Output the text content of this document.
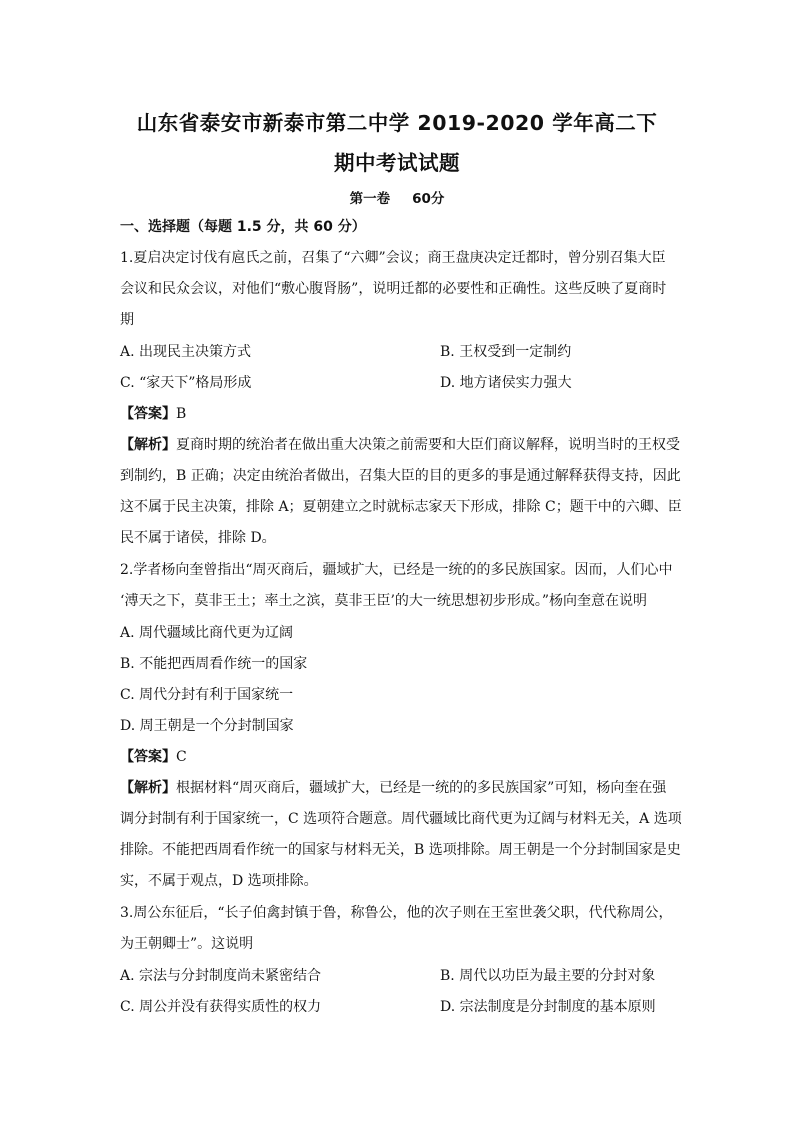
山东省泰安市新泰市第二中学 2019-2020 学年高二下
期中考试试题
第一卷 60分
一、选择题（每题 1.5 分，共 60 分）
1.夏启决定讨伐有扈氏之前，召集了“六卿”会议；商王盘庚决定迁都时，曾分别召集大臣
会议和民众会议，对他们“敷心腹肾肠”，说明迁都的必要性和正确性。这些反映了夏商时
期
A. 出现民主决策方式	B. 王权受到一定制约
C. “家天下”格局形成	D. 地方诸侯实力强大
【答案】B
【解析】夏商时期的统治者在做出重大决策之前需要和大臣们商议解释，说明当时的王权受
到制约，B 正确；决定由统治者做出，召集大臣的目的更多的事是通过解释获得支持，因此
这不属于民主决策，排除 A；夏朝建立之时就标志家天下形成，排除 C；题干中的六卿、臣
民不属于诸侯，排除 D。
2.学者杨向奎曾指出“周灭商后，疆域扩大，已经是一统的的多民族国家。因而，人们心中
‘溥天之下，莫非王土；率土之滨，莫非王臣’的大一统思想初步形成。”杨向奎意在说明
A. 周代疆域比商代更为辽阔
B. 不能把西周看作统一的国家
C. 周代分封有利于国家统一
D. 周王朝是一个分封制国家
【答案】C
【解析】根据材料“周灭商后，疆域扩大，已经是一统的的多民族国家”可知，杨向奎在强
调分封制有利于国家统一，C 选项符合题意。周代疆域比商代更为辽阔与材料无关，A 选项
排除。不能把西周看作统一的国家与材料无关，B 选项排除。周王朝是一个分封制国家是史
实，不属于观点，D 选项排除。
3.周公东征后，“长子伯禽封镇于鲁，称鲁公，他的次子则在王室世袭父职，代代称周公，
为王朝卿士”。这说明
A. 宗法与分封制度尚未紧密结合	B. 周代以功臣为最主要的分封对象
C. 周公并没有获得实质性的权力	D. 宗法制度是分封制度的基本原则
